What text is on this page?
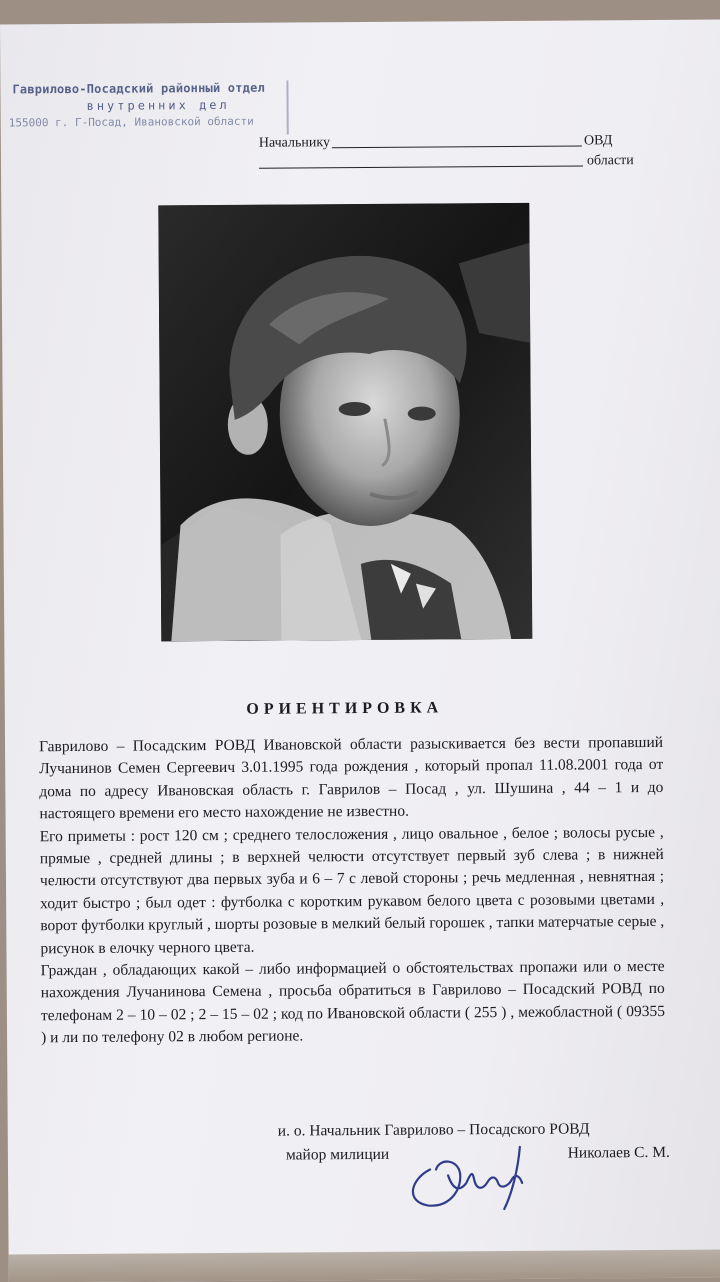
Гаврилово-Посадский районный отдел
внутренних дел
155000 г. Г-Посад, Ивановской области
Начальнику	ОВД
области
ОРИЕНТИРОВКА

Гаврилово – Посадским РОВД Ивановской области разыскивается без вести пропавший Лучанинов Семен Сергеевич 3.01.1995 года рождения , который пропал 11.08.2001 года от дома по адресу Ивановская область г. Гаврилов – Посад , ул. Шушина , 44 – 1 и до настоящего времени его место нахождение не известно.

Его приметы : рост 120 см ; среднего телосложения , лицо овальное , белое ; волосы русые , прямые , средней длины ; в верхней челюсти отсутствует первый зуб слева ; в нижней челюсти отсутствуют два первых зуба и 6 – 7 с левой стороны ; речь медленная , невнятная ; ходит быстро ; был одет : футболка с коротким рукавом белого цвета с розовыми цветами , ворот футболки круглый , шорты розовые в мелкий белый горошек , тапки матерчатые серые , рисунок в елочку черного цвета.

Граждан , обладающих какой – либо информацией о обстоятельствах пропажи или о месте нахождения Лучанинова Семена , просьба обратиться в Гаврилово – Посадский РОВД по телефонам 2 – 10 – 02 ; 2 – 15 – 02 ; код по Ивановской области ( 255 ) , межобластной ( 09355 ) и ли по телефону 02 в любом регионе.

и. о. Начальник Гаврилово – Посадского РОВД
майор милиции	Николаев С. М.
